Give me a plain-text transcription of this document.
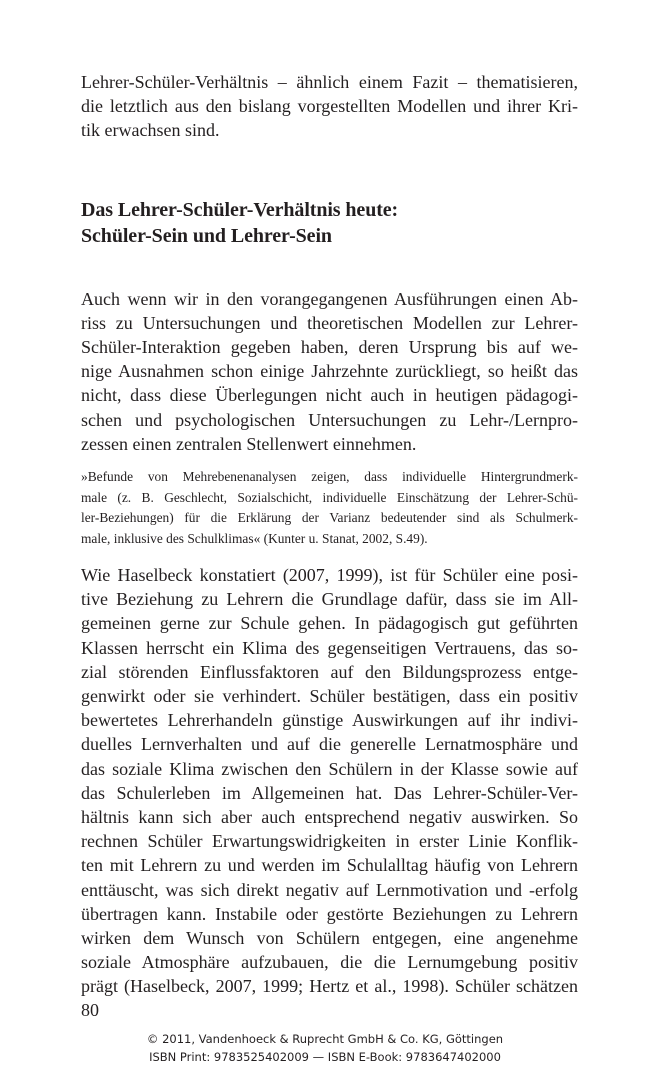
Lehrer-Schüler-Verhältnis – ähnlich einem Fazit – thematisieren,
die letztlich aus den bislang vorgestellten Modellen und ihrer Kri-
tik erwachsen sind.
Das Lehrer-Schüler-Verhältnis heute:
Schüler-Sein und Lehrer-Sein
Auch wenn wir in den vorangegangenen Ausführungen einen Ab-
riss zu Untersuchungen und theoretischen Modellen zur Lehrer-
Schüler-Interaktion gegeben haben, deren Ursprung bis auf we-
nige Ausnahmen schon einige Jahrzehnte zurückliegt, so heißt das
nicht, dass diese Überlegungen nicht auch in heutigen pädagogi-
schen und psychologischen Untersuchungen zu Lehr-/Lernpro-
zessen einen zentralen Stellenwert einnehmen.
»Befunde von Mehrebenenanalysen zeigen, dass individuelle Hintergrundmerk-
male (z. B. Geschlecht, Sozialschicht, individuelle Einschätzung der Lehrer-Schü-
ler-Beziehungen) für die Erklärung der Varianz bedeutender sind als Schulmerk-
male, inklusive des Schulklimas« (Kunter u. Stanat, 2002, S.49).
Wie Haselbeck konstatiert (2007, 1999), ist für Schüler eine posi-
tive Beziehung zu Lehrern die Grundlage dafür, dass sie im All-
gemeinen gerne zur Schule gehen. In pädagogisch gut geführten
Klassen herrscht ein Klima des gegenseitigen Vertrauens, das so-
zial störenden Einflussfaktoren auf den Bildungsprozess entge-
genwirkt oder sie verhindert. Schüler bestätigen, dass ein positiv
bewertetes Lehrerhandeln günstige Auswirkungen auf ihr indivi-
duelles Lernverhalten und auf die generelle Lernatmosphäre und
das soziale Klima zwischen den Schülern in der Klasse sowie auf
das Schulerleben im Allgemeinen hat. Das Lehrer-Schüler-Ver-
hältnis kann sich aber auch entsprechend negativ auswirken. So
rechnen Schüler Erwartungswidrigkeiten in erster Linie Konflik-
ten mit Lehrern zu und werden im Schulalltag häufig von Lehrern
enttäuscht, was sich direkt negativ auf Lernmotivation und -erfolg
übertragen kann. Instabile oder gestörte Beziehungen zu Lehrern
wirken dem Wunsch von Schülern entgegen, eine angenehme
soziale Atmosphäre aufzubauen, die die Lernumgebung positiv
prägt (Haselbeck, 2007, 1999; Hertz et al., 1998). Schüler schätzen
80
© 2011, Vandenhoeck & Ruprecht GmbH & Co. KG, Göttingen
ISBN Print: 9783525402009 — ISBN E-Book: 9783647402000
